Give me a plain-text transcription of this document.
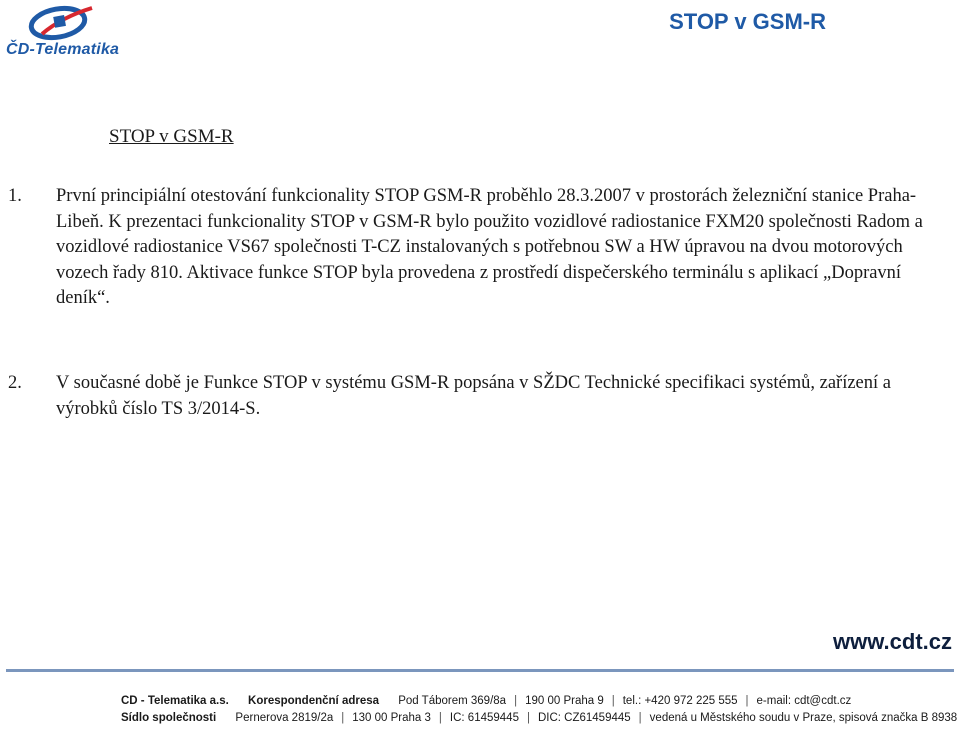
ČD-Telematika
STOP v GSM-R
STOP v GSM-R
1. První principiální otestování funkcionality STOP GSM-R proběhlo 28.3.2007 v prostorách železniční stanice Praha-Libeň. K prezentaci funkcionality STOP v GSM-R bylo použito vozidlové radiostanice FXM20 společnosti Radom a vozidlové radiostanice VS67 společnosti T-CZ instalovaných s potřebnou SW a HW úpravou na dvou motorových vozech řady 810. Aktivace funkce STOP byla provedena z prostředí dispečerského terminálu s aplikací „Dopravní deník“.
2. V současné době je Funkce STOP v systému GSM-R popsána v SŽDC Technické specifikaci systémů, zařízení a výrobků číslo TS 3/2014-S.
www.cdt.cz
ČD - Telematika a.s. Korespondenční adresa Pod Táborem 369/8a | 190 00 Praha 9 | tel.: +420 972 225 555 | e-mail: cdt@cdt.cz
Sídlo společnosti Pernerova 2819/2a | 130 00 Praha 3 | IČ: 61459445 | DIČ: CZ61459445 | vedená u Městského soudu v Praze, spisová značka B 8938
